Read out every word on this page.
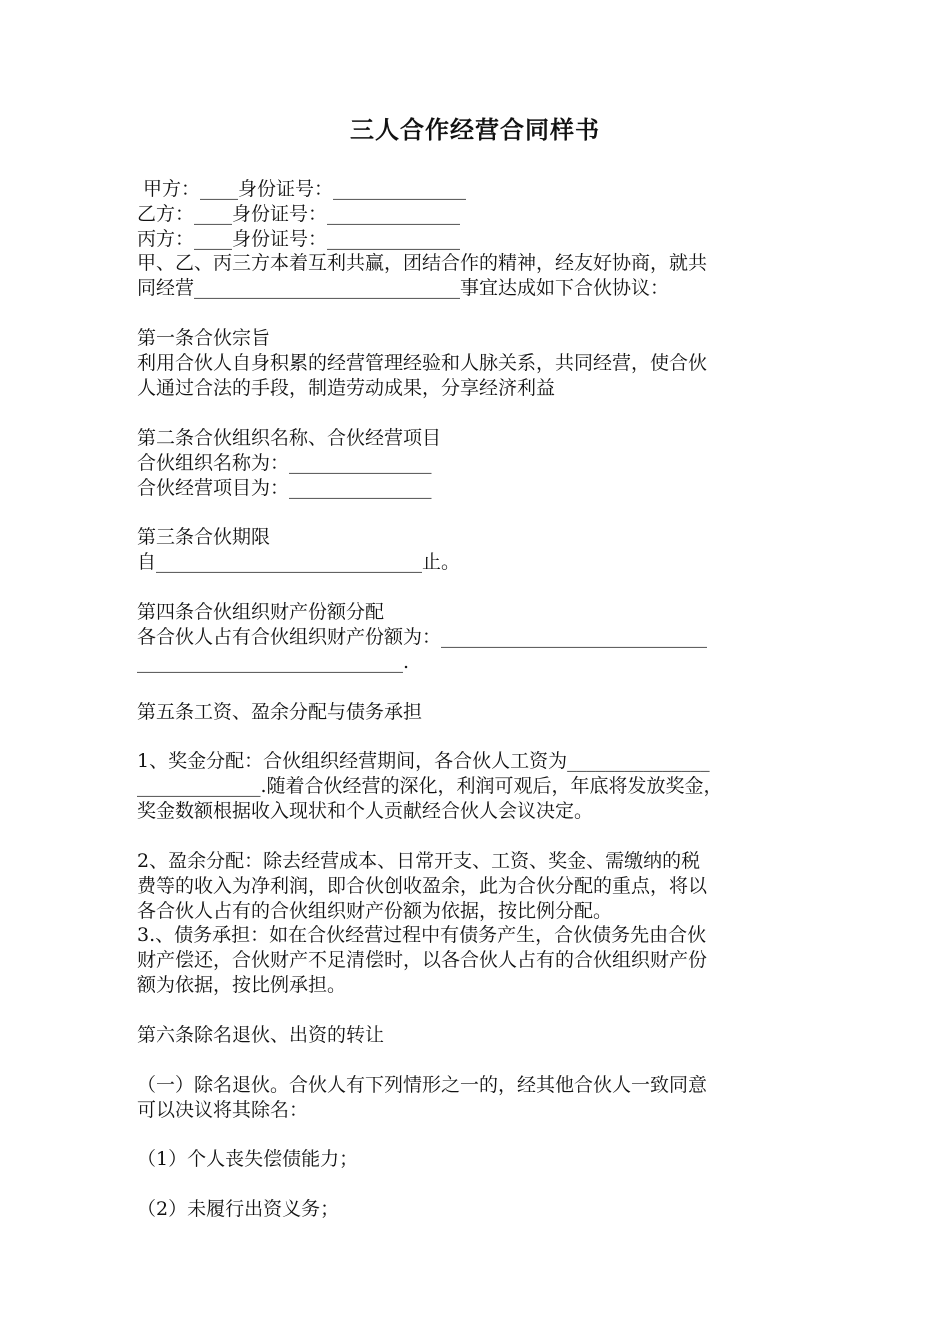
三人合作经营合同样书
甲方：____身份证号：______________
乙方：____身份证号：______________
丙方：____身份证号：______________
甲、乙、丙三方本着互利共赢，团结合作的精神，经友好协商，就共
同经营____________________________事宜达成如下合伙协议：
第一条合伙宗旨
利用合伙人自身积累的经营管理经验和人脉关系，共同经营，使合伙
人通过合法的手段，制造劳动成果，分享经济利益
第二条合伙组织名称、合伙经营项目
合伙组织名称为：_______________
合伙经营项目为：_______________
第三条合伙期限
自____________________________止。
第四条合伙组织财产份额分配
各合伙人占有合伙组织财产份额为：____________________________
____________________________.
第五条工资、盈余分配与债务承担
1、奖金分配：合伙组织经营期间，各合伙人工资为_______________
_____________.随着合伙经营的深化，利润可观后，年底将发放奖金，
奖金数额根据收入现状和个人贡献经合伙人会议决定。
2、盈余分配：除去经营成本、日常开支、工资、奖金、需缴纳的税
费等的收入为净利润，即合伙创收盈余，此为合伙分配的重点，将以
各合伙人占有的合伙组织财产份额为依据，按比例分配。
3.、债务承担：如在合伙经营过程中有债务产生，合伙债务先由合伙
财产偿还，合伙财产不足清偿时，以各合伙人占有的合伙组织财产份
额为依据，按比例承担。
第六条除名退伙、出资的转让
（一）除名退伙。合伙人有下列情形之一的，经其他合伙人一致同意
可以决议将其除名：
（1）个人丧失偿债能力；
（2）未履行出资义务；
